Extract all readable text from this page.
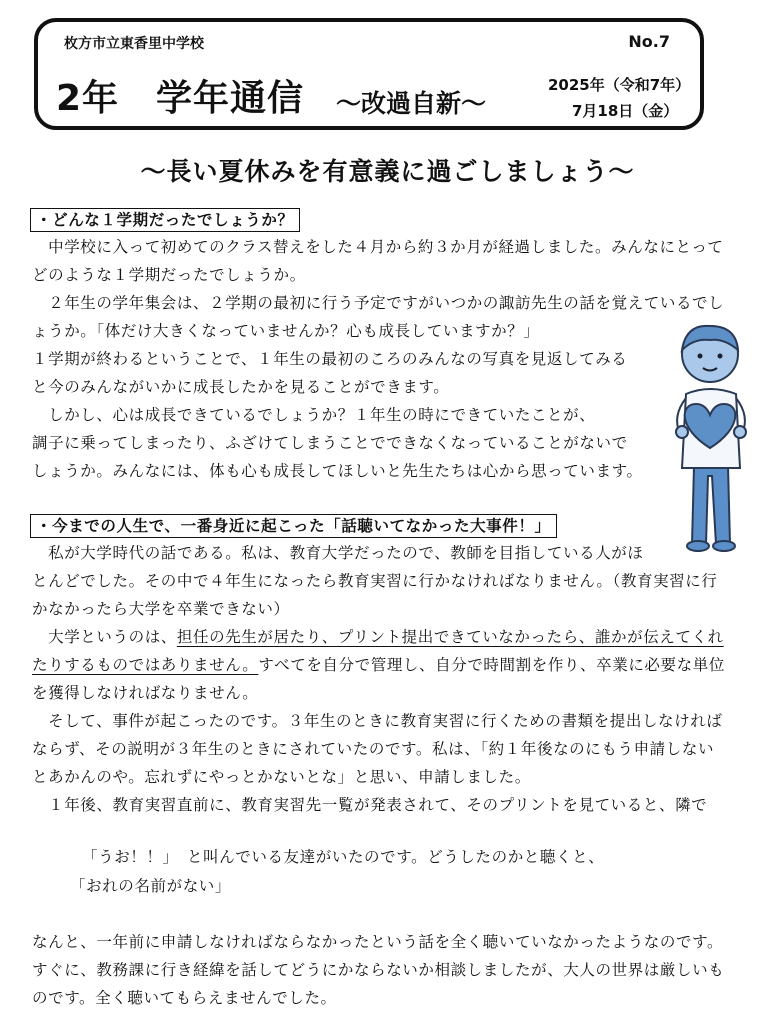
枚方市立東香里中学校	No.7
2年　学年通信 ～改過自新～
2025年（令和7年）
7月18日（金）
～長い夏休みを有意義に過ごしましょう～
・どんな１学期だったでしょうか？
　中学校に入って初めてのクラス替えをした４月から約３か月が経過しました。みんなにとって
どのような１学期だったでしょうか。
　２年生の学年集会は、２学期の最初に行う予定ですがいつかの諏訪先生の話を覚えているでし
ょうか。「体だけ大きくなっていませんか？心も成長していますか？」
１学期が終わるということで、１年生の最初のころのみんなの写真を見返してみる
と今のみんながいかに成長したかを見ることができます。
　しかし、心は成長できているでしょうか？１年生の時にできていたことが、
調子に乗ってしまったり、ふざけてしまうことでできなくなっていることがないで
しょうか。みんなには、体も心も成長してほしいと先生たちは心から思っています。
・今までの人生で、一番身近に起こった「話聴いてなかった大事件！」
　私が大学時代の話である。私は、教育大学だったので、教師を目指している人がほ
とんどでした。その中で４年生になったら教育実習に行かなければなりません。（教育実習に行
かなかったら大学を卒業できない）
　大学というのは、担任の先生が居たり、プリント提出できていなかったら、誰かが伝えてくれ
たりするものではありません。すべてを自分で管理し、自分で時間割を作り、卒業に必要な単位
を獲得しなければなりません。
　そして、事件が起こったのです。３年生のときに教育実習に行くための書類を提出しなければ
ならず、その説明が３年生のときにされていたのです。私は、「約１年後なのにもう申請しない
とあかんのや。忘れずにやっとかないとな」と思い、申請しました。
　１年後、教育実習直前に、教育実習先一覧が発表されて、そのプリントを見ていると、隣で
「うお！！」　と叫んでいる友達がいたのです。どうしたのかと聴くと、
「おれの名前がない」
なんと、一年前に申請しなければならなかったという話を全く聴いていなかったようなのです。
すぐに、教務課に行き経緯を話してどうにかならないか相談しましたが、大人の世界は厳しいも
のです。全く聴いてもらえませんでした。
